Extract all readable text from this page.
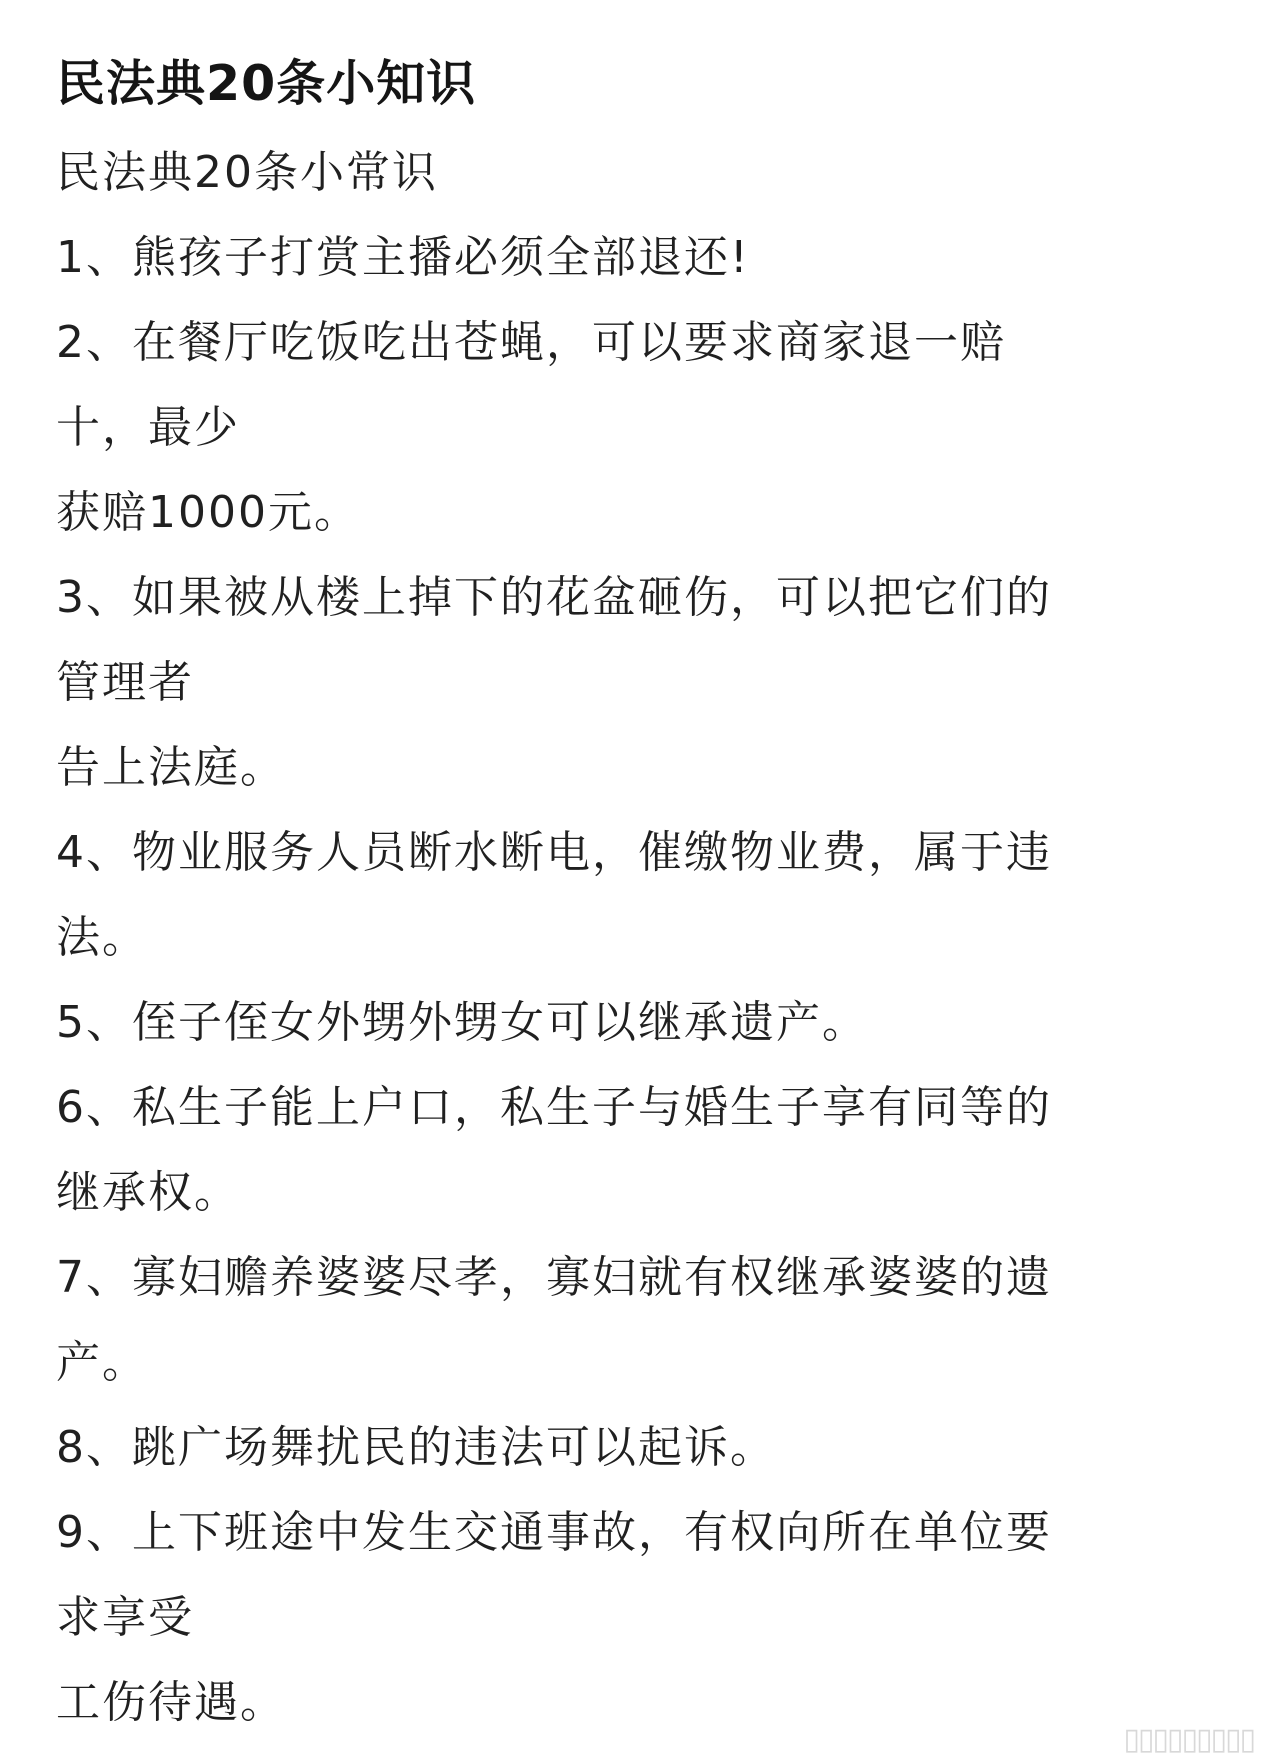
民法典20条小知识
民法典20条小常识
1、熊孩子打赏主播必须全部退还!
2、在餐厅吃饭吃出苍蝇，可以要求商家退一赔
十，最少
获赔1000元。
3、如果被从楼上掉下的花盆砸伤，可以把它们的
管理者
告上法庭。
4、物业服务人员断水断电，催缴物业费，属于违
法。
5、侄子侄女外甥外甥女可以继承遗产。
6、私生子能上户口，私生子与婚生子享有同等的
继承权。
7、寡妇赡养婆婆尽孝，寡妇就有权继承婆婆的遗
产。
8、跳广场舞扰民的违法可以起诉。
9、上下班途中发生交通事故，有权向所在单位要
求享受
工伤待遇。
▯▯▯▯▯▯▯▯▯
